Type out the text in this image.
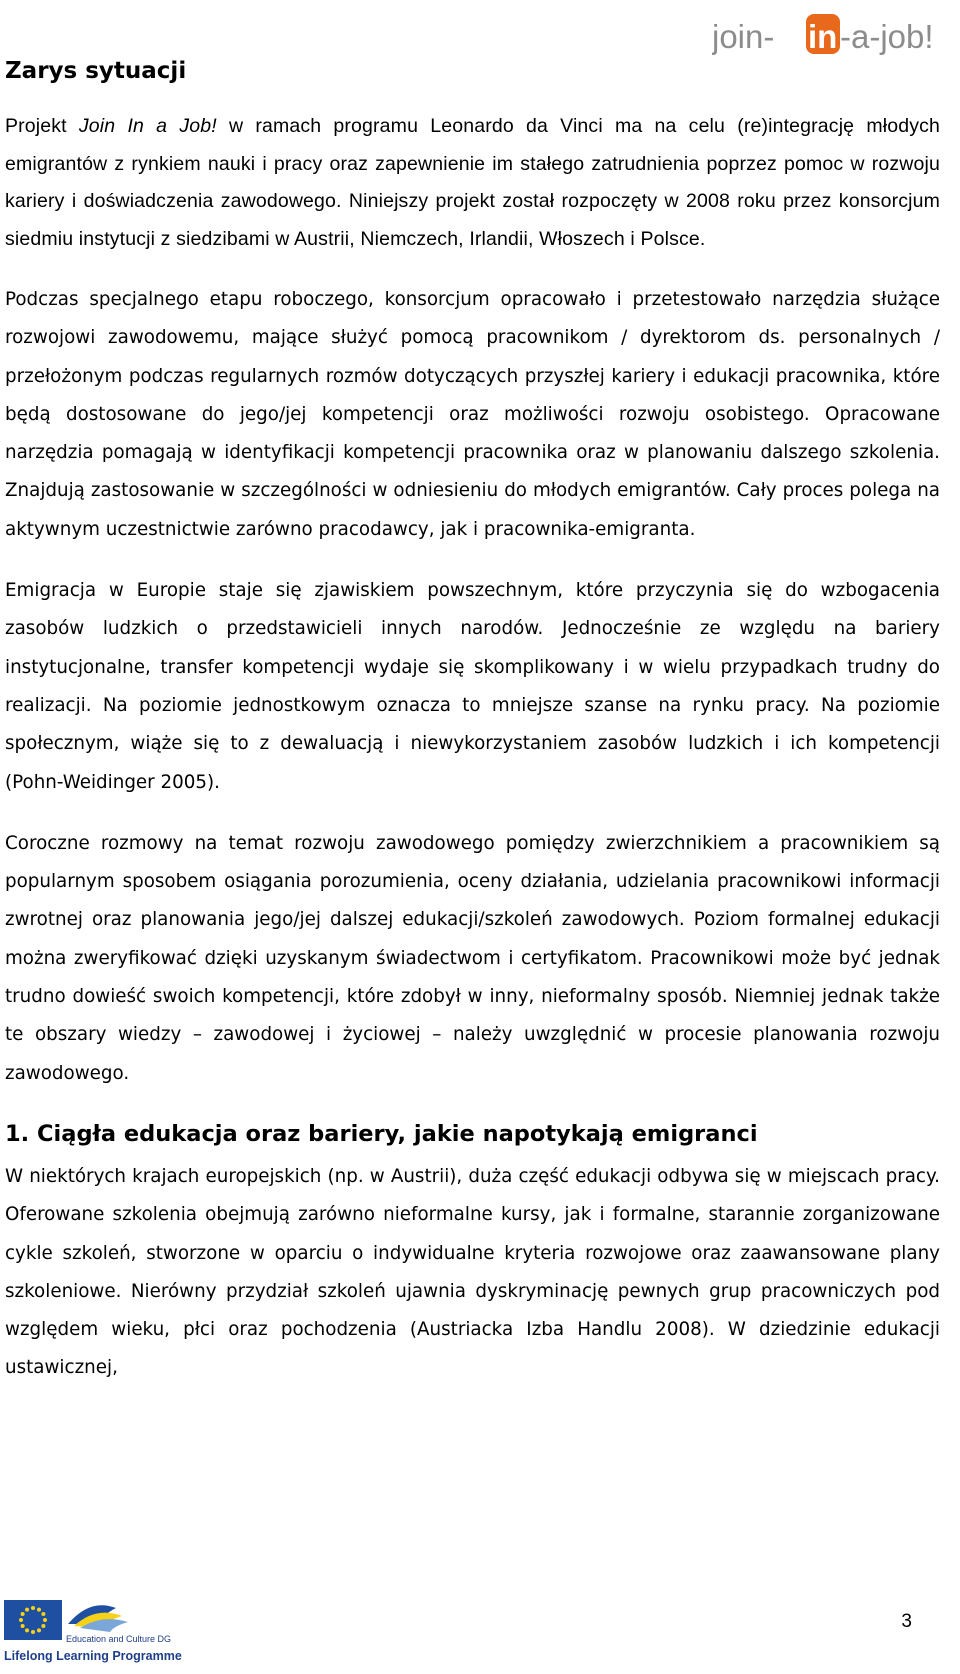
join- in -a-job!
Zarys sytuacji

Projekt Join In a Job! w ramach programu Leonardo da Vinci ma na celu (re)integrację młodych emigrantów z rynkiem nauki i pracy oraz zapewnienie im stałego zatrudnienia poprzez pomoc w rozwoju kariery i doświadczenia zawodowego. Niniejszy projekt został rozpoczęty w 2008 roku przez konsorcjum siedmiu instytucji z siedzibami w Austrii, Niemczech, Irlandii, Włoszech i Polsce.

Podczas specjalnego etapu roboczego, konsorcjum opracowało i przetestowało narzędzia służące rozwojowi zawodowemu, mające służyć pomocą pracownikom / dyrektorom ds. personalnych / przełożonym podczas regularnych rozmów dotyczących przyszłej kariery i edukacji pracownika, które będą dostosowane do jego/jej kompetencji oraz możliwości rozwoju osobistego. Opracowane narzędzia pomagają w identyfikacji kompetencji pracownika oraz w planowaniu dalszego szkolenia. Znajdują zastosowanie w szczególności w odniesieniu do młodych emigrantów. Cały proces polega na aktywnym uczestnictwie zarówno pracodawcy, jak i pracownika-emigranta.

Emigracja w Europie staje się zjawiskiem powszechnym, które przyczynia się do wzbogacenia zasobów ludzkich o przedstawicieli innych narodów. Jednocześnie ze względu na bariery instytucjonalne, transfer kompetencji wydaje się skomplikowany i w wielu przypadkach trudny do realizacji. Na poziomie jednostkowym oznacza to mniejsze szanse na rynku pracy. Na poziomie społecznym, wiąże się to z dewaluacją i niewykorzystaniem zasobów ludzkich i ich kompetencji (Pohn-Weidinger 2005).

Coroczne rozmowy na temat rozwoju zawodowego pomiędzy zwierzchnikiem a pracownikiem są popularnym sposobem osiągania porozumienia, oceny działania, udzielania pracownikowi informacji zwrotnej oraz planowania jego/jej dalszej edukacji/szkoleń zawodowych. Poziom formalnej edukacji można zweryfikować dzięki uzyskanym świadectwom i certyfikatom. Pracownikowi może być jednak trudno dowieść swoich kompetencji, które zdobył w inny, nieformalny sposób. Niemniej jednak także te obszary wiedzy – zawodowej i życiowej – należy uwzględnić w procesie planowania rozwoju zawodowego.

1. Ciągła edukacja oraz bariery, jakie napotykają emigranci

W niektórych krajach europejskich (np. w Austrii), duża część edukacji odbywa się w miejscach pracy. Oferowane szkolenia obejmują zarówno nieformalne kursy, jak i formalne, starannie zorganizowane cykle szkoleń, stworzone w oparciu o indywidualne kryteria rozwojowe oraz zaawansowane plany szkoleniowe. Nierówny przydział szkoleń ujawnia dyskryminację pewnych grup pracowniczych pod względem wieku, płci oraz pochodzenia (Austriacka Izba Handlu 2008). W dziedzinie edukacji ustawicznej,

Education and Culture DG
Lifelong Learning Programme
3
